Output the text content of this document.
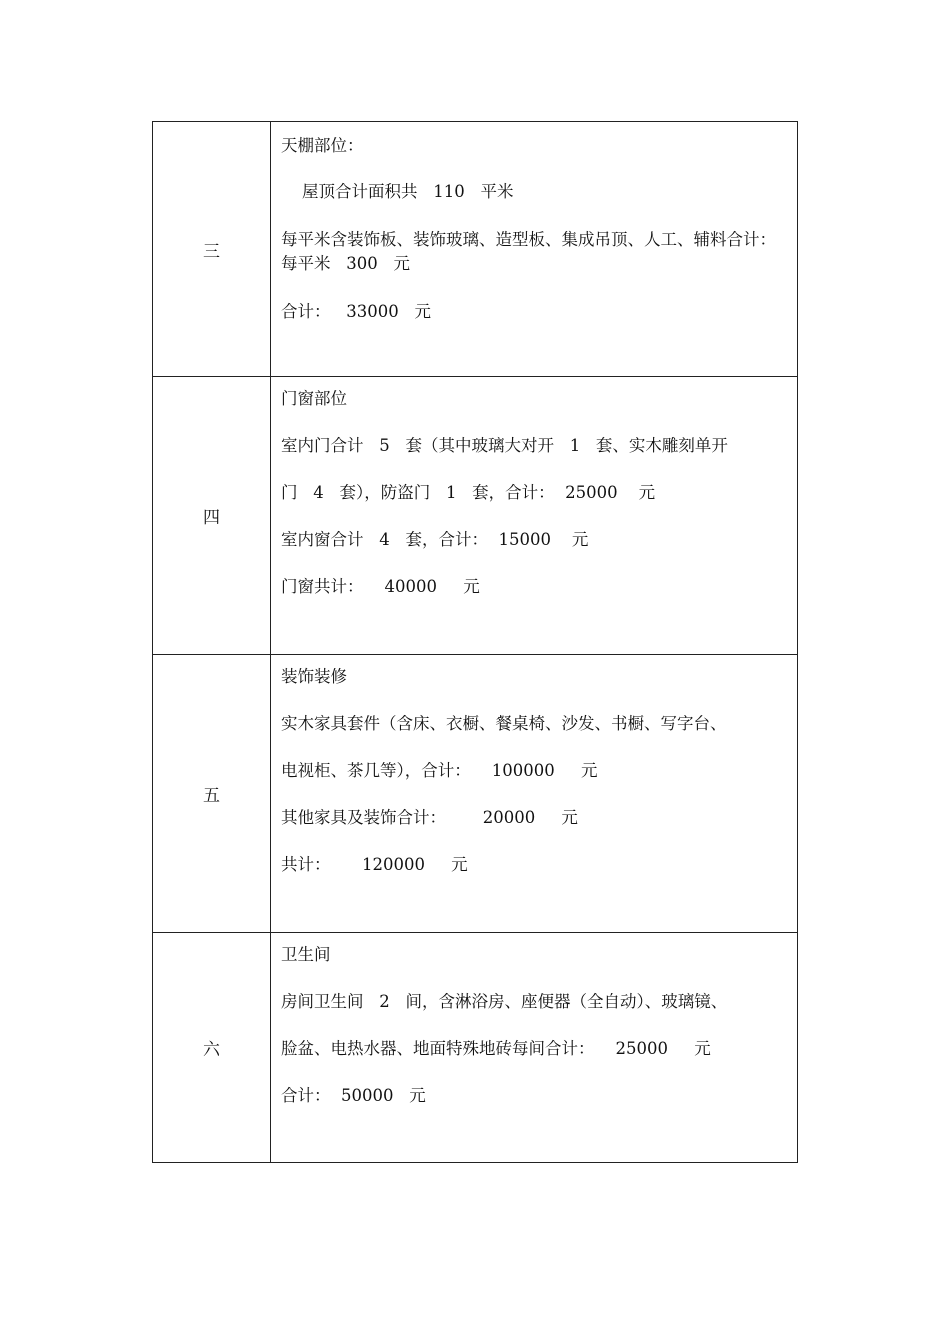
三	天棚部位：

屋顶合计面积共   110   平米

每平米含装饰板、装饰玻璃、造型板、集成吊顶、人工、辅料合计：每平米   300   元

合计：   33000   元

四	门窗部位

室内门合计   5   套（其中玻璃大对开   1   套、实木雕刻单开

门   4   套），防盗门   1   套，合计：  25000    元

室内窗合计   4   套，合计：  15000    元

门窗共计：    40000     元

五	装饰装修

实木家具套件（含床、衣橱、餐桌椅、沙发、书橱、写字台、

电视柜、茶几等），合计：    100000     元

其他家具及装饰合计：       20000     元

共计：      120000     元

六	卫生间

房间卫生间   2   间，含淋浴房、座便器（全自动）、玻璃镜、

脸盆、电热水器、地面特殊地砖每间合计：    25000     元

合计：  50000   元
